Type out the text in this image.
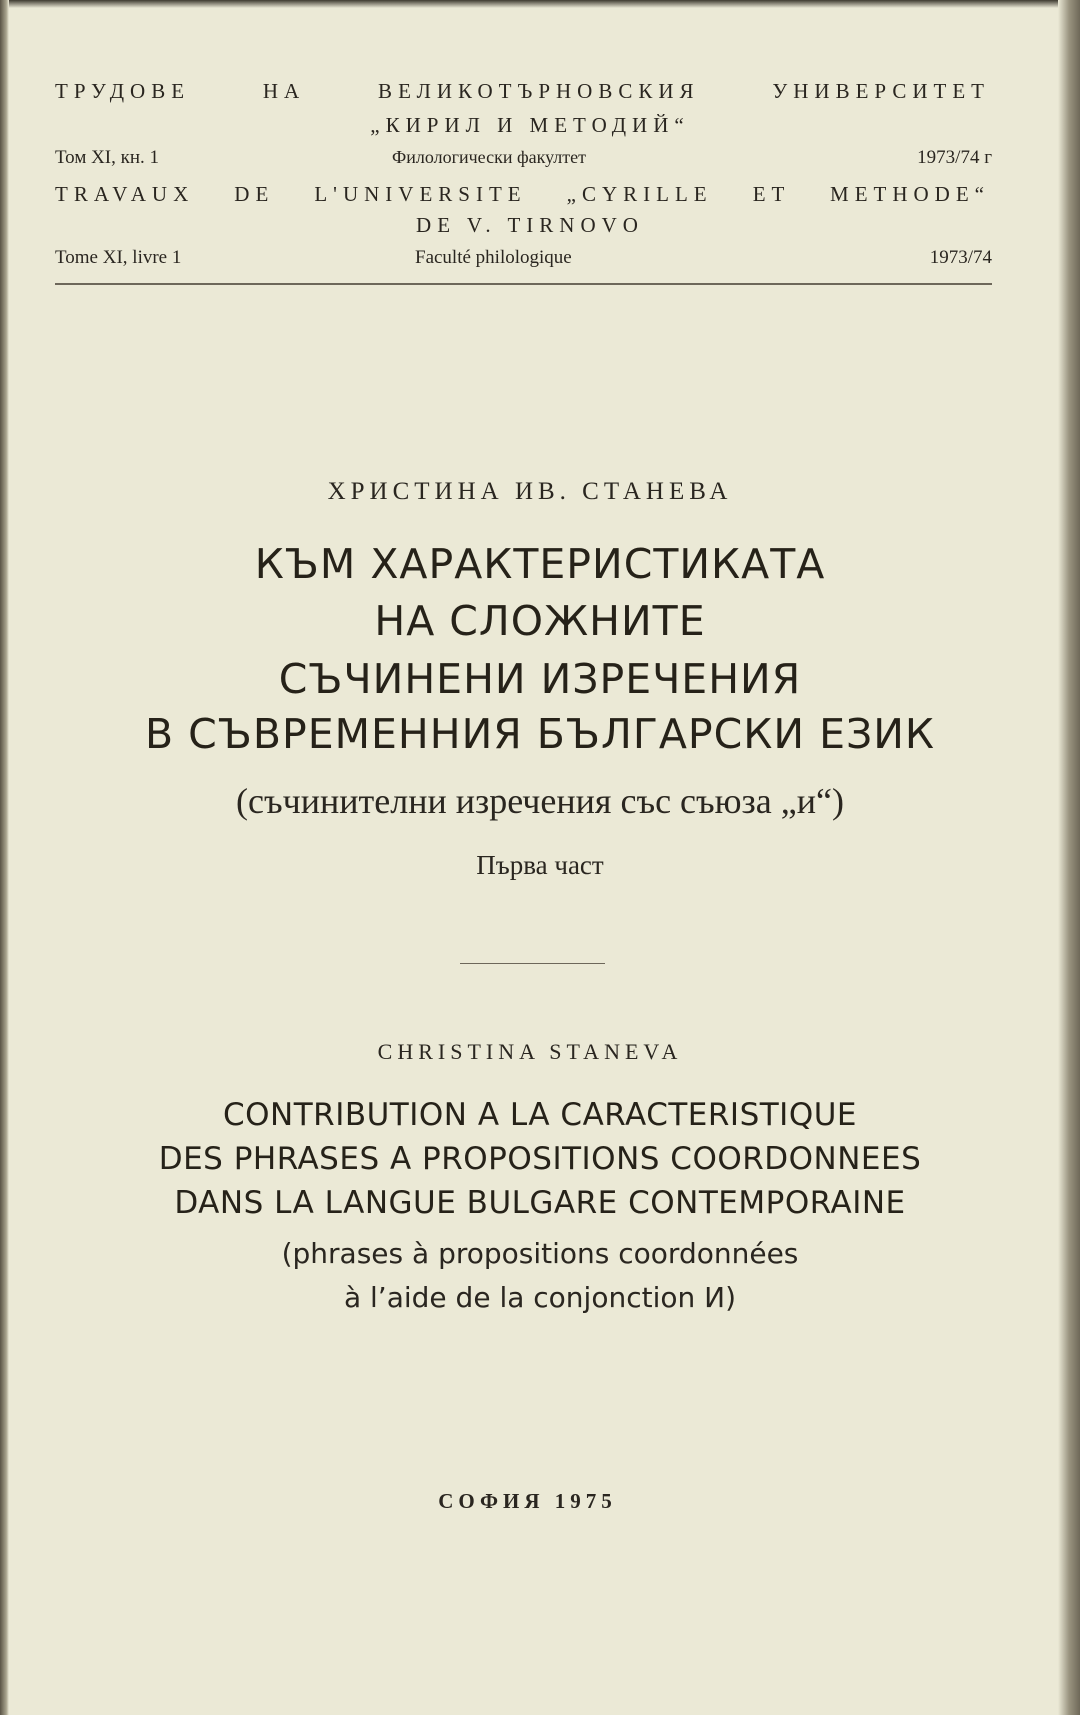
ТРУДОВЕ НА ВЕЛИКОТЪРНОВСКИЯ УНИВЕРСИТЕТ
„КИРИЛ И МЕТОДИЙ“
Том XI, кн. 1	Филологически факултет	1973/74 г
TRAVAUX DE L'UNIVERSITE „CYRILLE ET METHODE“
DE V. TIRNOVO
Tome XI, livre 1	Faculté philologique	1973/74
ХРИСТИНА ИВ. СТАНЕВА
КЪМ ХАРАКТЕРИСТИКАТА
НА СЛОЖНИТЕ
СЪЧИНЕНИ ИЗРЕЧЕНИЯ
В СЪВРЕМЕННИЯ БЪЛГАРСКИ ЕЗИК
(съчинителни изречения със съюза „и“)
Първа част
CHRISTINA STANEVA
CONTRIBUTION A LA CARACTERISTIQUE
DES PHRASES A PROPOSITIONS COORDONNEES
DANS LA LANGUE BULGARE CONTEMPORAINE
(phrases à propositions coordonnées
à l’aide de la conjonction И)
СОФИЯ 1975
